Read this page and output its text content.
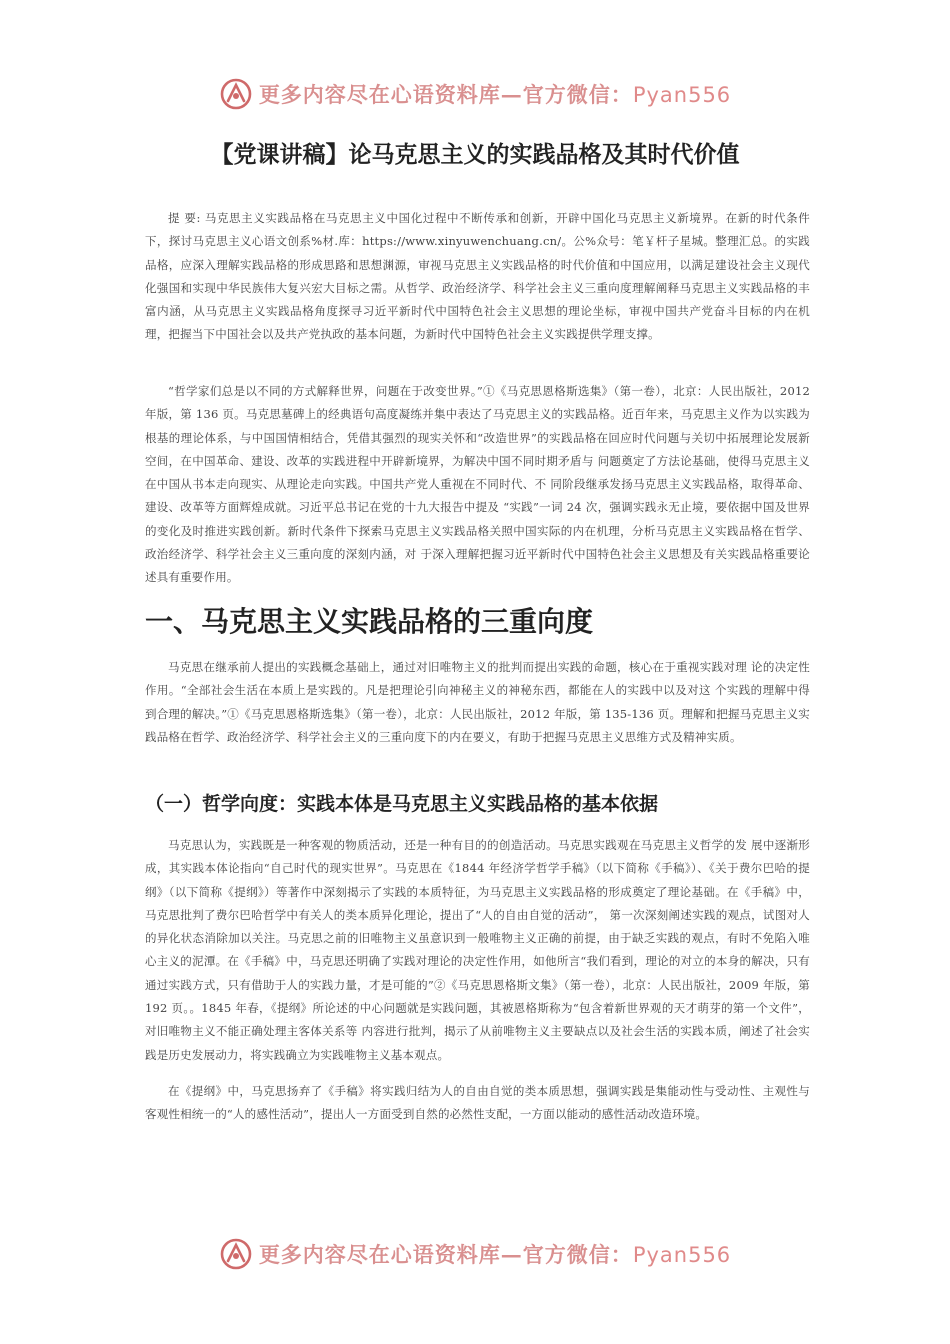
更多内容尽在心语资料库—官方微信：Pyan556
【党课讲稿】论马克思主义的实践品格及其时代价值

提 要: 马克思主义实践品格在马克思主义中国化过程中不断传承和创新，开辟中国化马克思主义新境界。在新的时代条件下，探讨马克思主义心语文创系%材.库：https://www.xinyuwenchuang.cn/。公%众号：笔￥杆子星城。整理汇总。的实践品格，应深入理解实践品格的形成思路和思想渊源，审视马克思主义实践品格的时代价值和中国应用，以满足建设社会主义现代化强国和实现中华民族伟大复兴宏大目标之需。从哲学、政治经济学、科学社会主义三重向度理解阐释马克思主义实践品格的丰富内涵，从马克思主义实践品格角度探寻习近平新时代中国特色社会主义思想的理论坐标，审视中国共产党奋斗目标的内在机理，把握当下中国社会以及共产党执政的基本问题，为新时代中国特色社会主义实践提供学理支撑。

“哲学家们总是以不同的方式解释世界，问题在于改变世界。”①《马克思恩格斯选集》（第一卷），北京：人民出版社，2012 年版，第 136 页。马克思墓碑上的经典语句高度凝练并集中表达了马克思主义的实践品格。近百年来，马克思主义作为以实践为根基的理论体系，与中国国情相结合，凭借其强烈的现实关怀和“改造世界”的实践品格在回应时代问题与关切中拓展理论发展新空间，在中国革命、建设、改革的实践进程中开辟新境界，为解决中国不同时期矛盾与 问题奠定了方法论基础，使得马克思主义在中国从书本走向现实、从理论走向实践。中国共产党人重视在不同时代、不 同阶段继承发扬马克思主义实践品格，取得革命、建设、改革等方面辉煌成就。习近平总书记在党的十九大报告中提及 “实践”一词 24 次，强调实践永无止境，要依据中国及世界的变化及时推进实践创新。新时代条件下探索马克思主义实践品格关照中国实际的内在机理，分析马克思主义实践品格在哲学、政治经济学、科学社会主义三重向度的深刻内涵，对 于深入理解把握习近平新时代中国特色社会主义思想及有关实践品格重要论述具有重要作用。

一、马克思主义实践品格的三重向度

马克思在继承前人提出的实践概念基础上，通过对旧唯物主义的批判而提出实践的命题，核心在于重视实践对理 论的决定性作用。“全部社会生活在本质上是实践的。凡是把理论引向神秘主义的神秘东西，都能在人的实践中以及对这 个实践的理解中得到合理的解决。”①《马克思恩格斯选集》（第一卷），北京：人民出版社，2012 年版，第 135-136 页。理解和把握马克思主义实践品格在哲学、政治经济学、科学社会主义的三重向度下的内在要义，有助于把握马克思主义思维方式及精神实质。

（一）哲学向度：实践本体是马克思主义实践品格的基本依据

马克思认为，实践既是一种客观的物质活动，还是一种有目的的创造活动。马克思实践观在马克思主义哲学的发 展中逐渐形成，其实践本体论指向“自己时代的现实世界”。马克思在《1844 年经济学哲学手稿》（以下简称《手稿》）、《关于费尔巴哈的提纲》（以下简称《提纲》）等著作中深刻揭示了实践的本质特征，为马克思主义实践品格的形成奠定了理论基础。在《手稿》中，马克思批判了费尔巴哈哲学中有关人的类本质异化理论，提出了“人的自由自觉的活动”， 第一次深刻阐述实践的观点，试图对人的异化状态消除加以关注。马克思之前的旧唯物主义虽意识到一般唯物主义正确的前提，由于缺乏实践的观点，有时不免陷入唯心主义的泥潭。在《手稿》中，马克思还明确了实践对理论的决定性作用，如他所言“我们看到，理论的对立的本身的解决，只有通过实践方式，只有借助于人的实践力量，才是可能的”②《马克思恩格斯文集》（第一卷），北京：人民出版社，2009 年版，第 192 页。。1845 年春，《提纲》所论述的中心问题就是实践问题，其被恩格斯称为“包含着新世界观的天才萌芽的第一个文件”，对旧唯物主义不能正确处理主客体关系等 内容进行批判，揭示了从前唯物主义主要缺点以及社会生活的实践本质，阐述了社会实践是历史发展动力，将实践确立为实践唯物主义基本观点。

在《提纲》中，马克思扬弃了《手稿》将实践归结为人的自由自觉的类本质思想，强调实践是集能动性与受动性、主观性与客观性相统一的“人的感性活动”，提出人一方面受到自然的必然性支配，一方面以能动的感性活动改造环境。

更多内容尽在心语资料库—官方微信：Pyan556
